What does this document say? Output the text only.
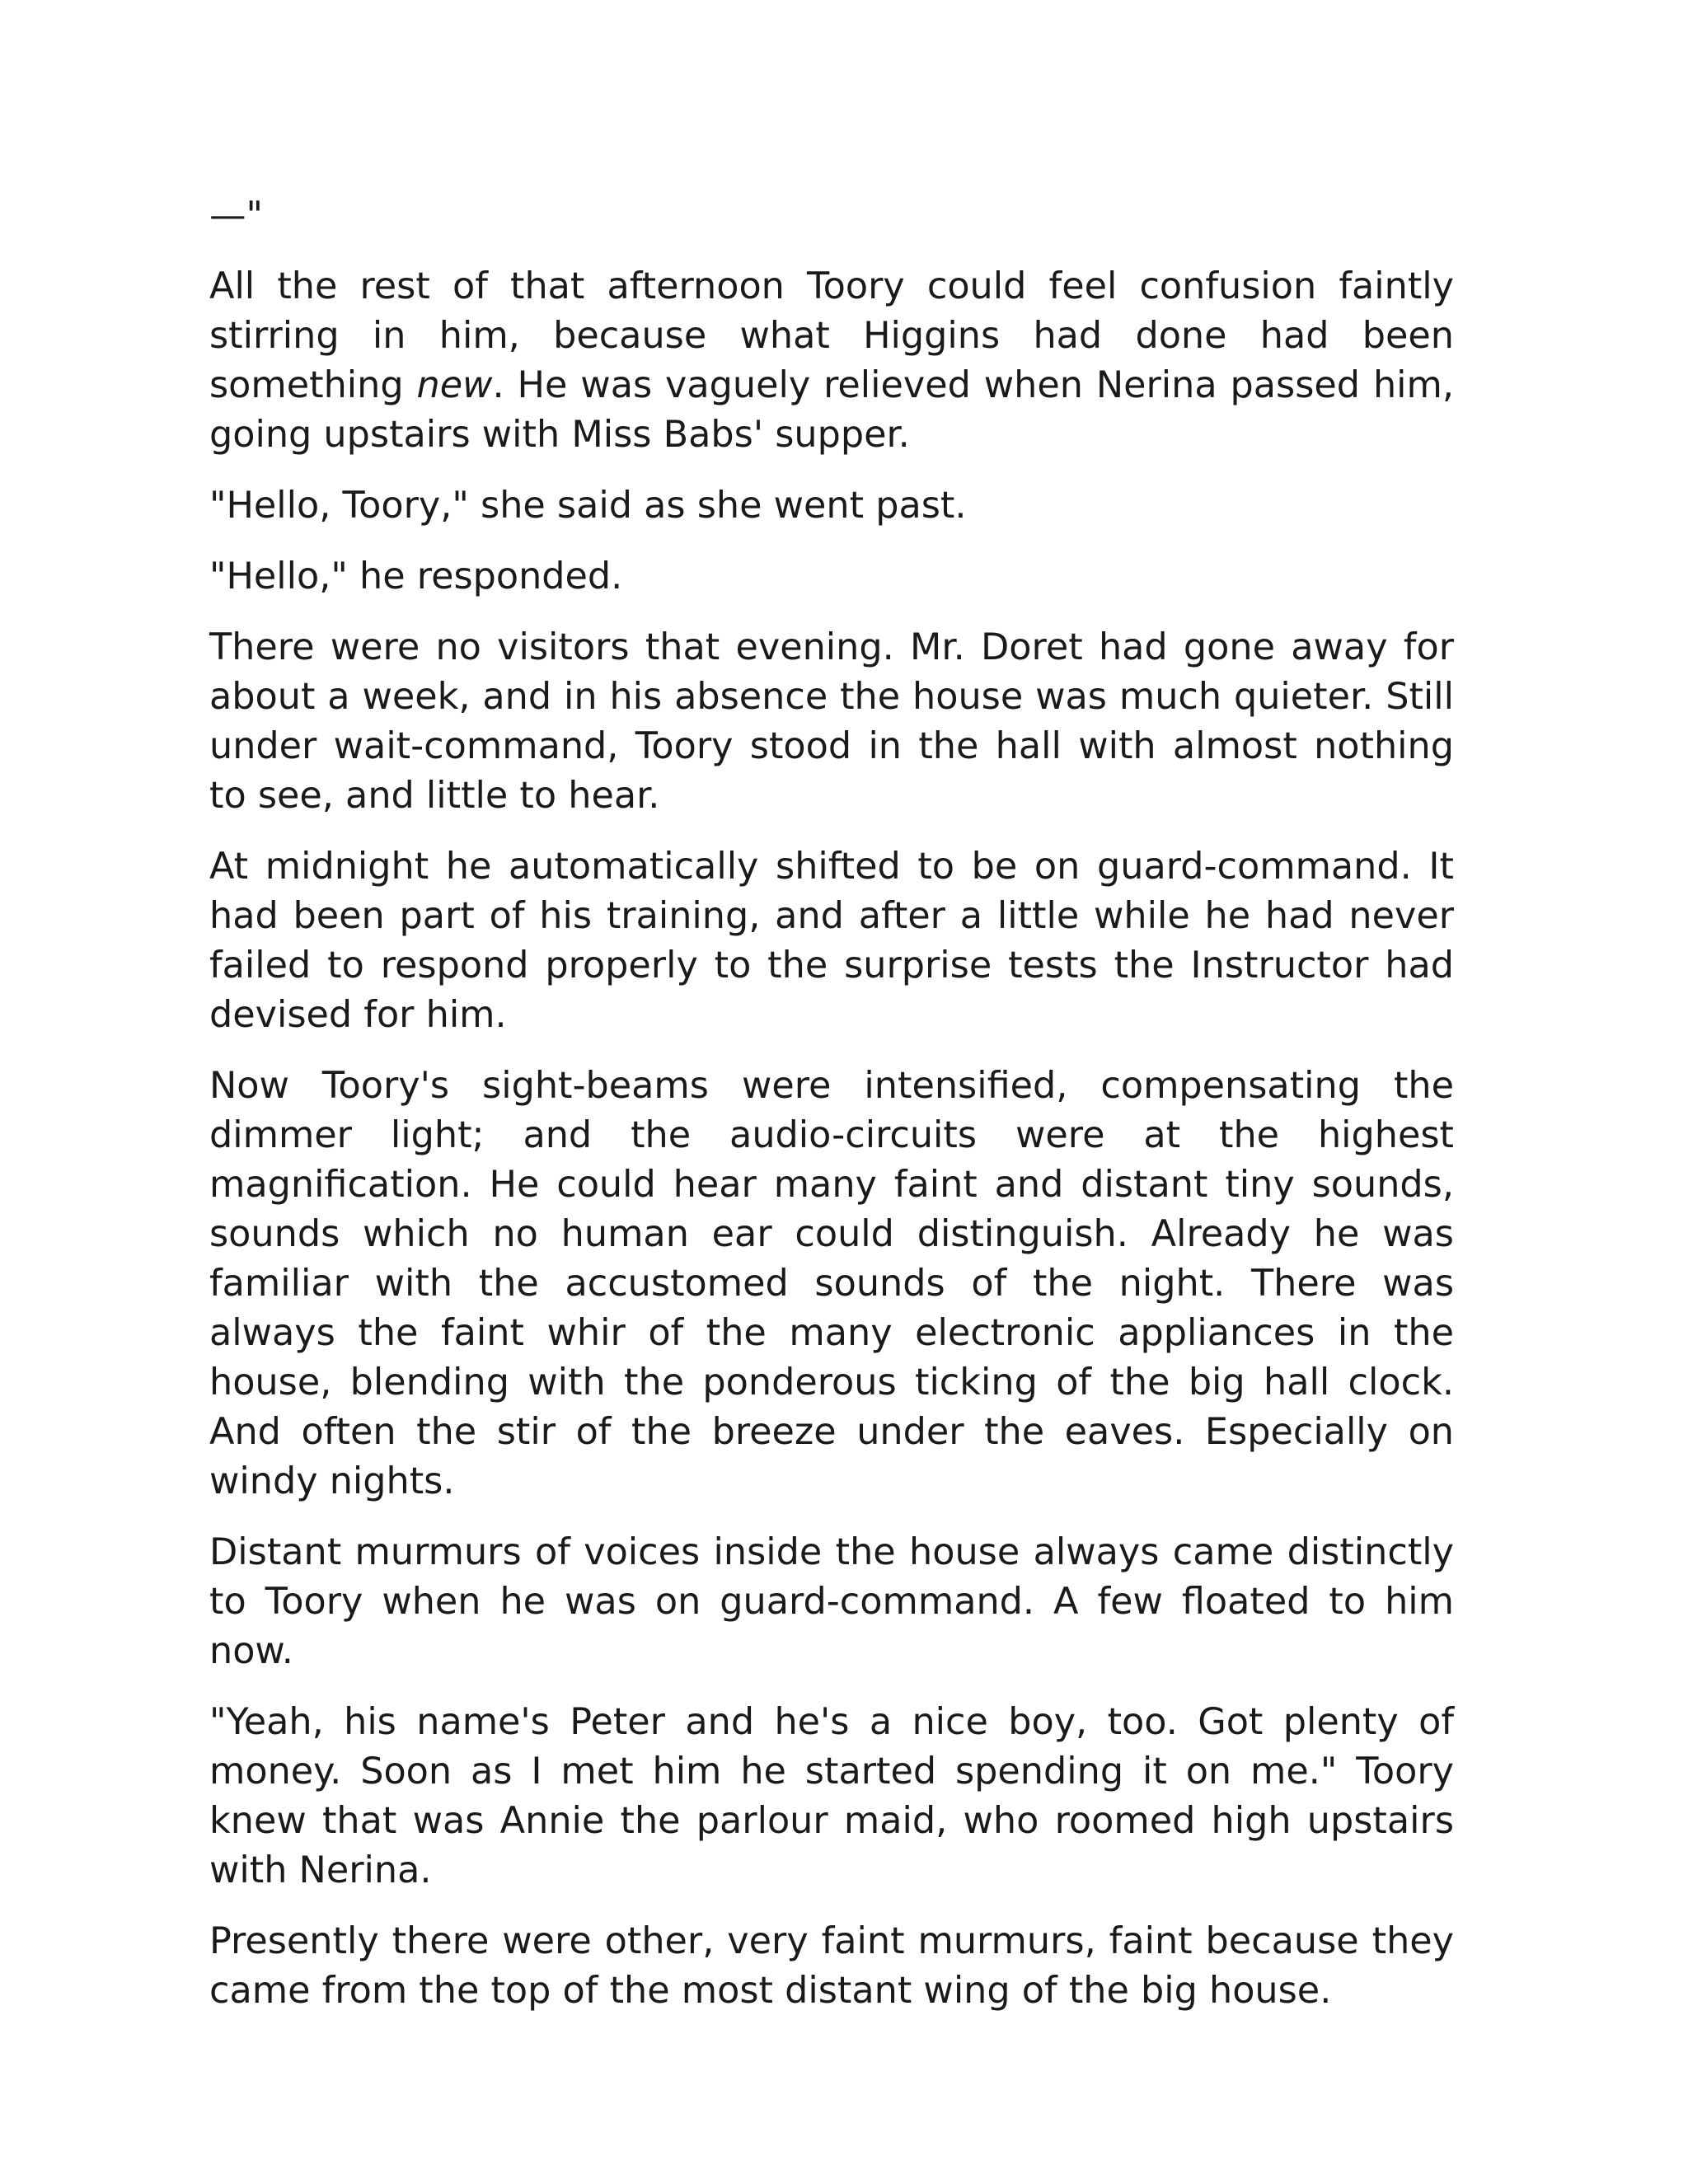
—"

All the rest of that afternoon Toory could feel confusion faintly stirring in him, because what Higgins had done had been something new. He was vaguely relieved when Nerina passed him, going upstairs with Miss Babs' supper.

"Hello, Toory," she said as she went past.

"Hello," he responded.

There were no visitors that evening. Mr. Doret had gone away for about a week, and in his absence the house was much quieter. Still under wait-command, Toory stood in the hall with almost nothing to see, and little to hear.

At midnight he automatically shifted to be on guard-command. It had been part of his training, and after a little while he had never failed to respond properly to the surprise tests the Instructor had devised for him.

Now Toory's sight-beams were intensified, compensating the dimmer light; and the audio-circuits were at the highest magnification. He could hear many faint and distant tiny sounds, sounds which no human ear could distinguish. Already he was familiar with the accustomed sounds of the night. There was always the faint whir of the many electronic appliances in the house, blending with the ponderous ticking of the big hall clock. And often the stir of the breeze under the eaves. Especially on windy nights.

Distant murmurs of voices inside the house always came distinctly to Toory when he was on guard-command. A few floated to him now.

"Yeah, his name's Peter and he's a nice boy, too. Got plenty of money. Soon as I met him he started spending it on me." Toory knew that was Annie the parlour maid, who roomed high upstairs with Nerina.

Presently there were other, very faint murmurs, faint because they came from the top of the most distant wing of the big house.
